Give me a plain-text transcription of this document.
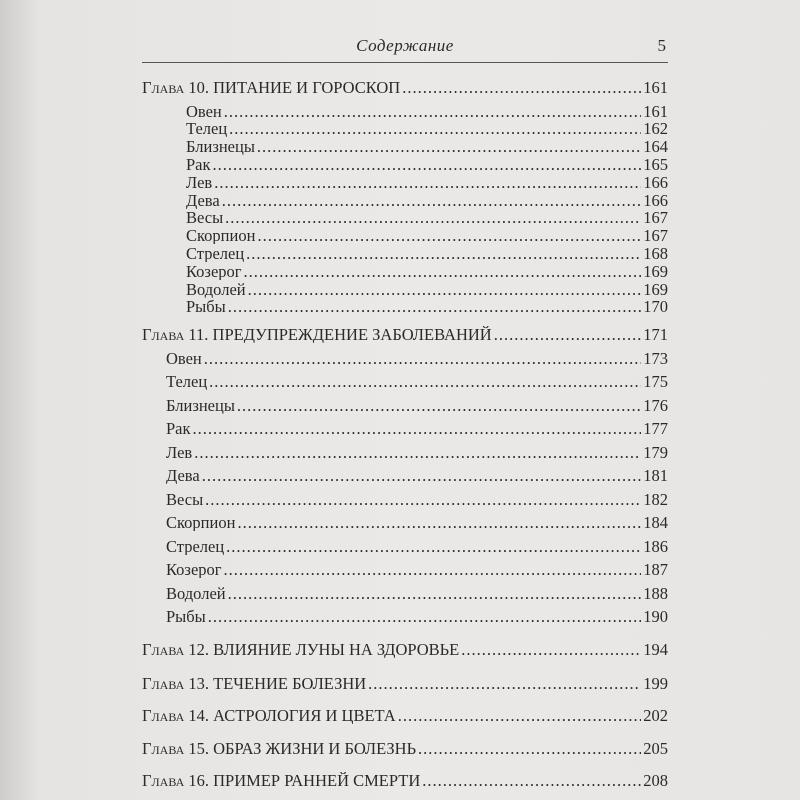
Содержание	5
Глава 10. ПИТАНИЕ И ГОРОСКОП .....	161
Овен .....	161
Телец .....	162
Близнецы .....	164
Рак .....	165
Лев .....	166
Дева .....	166
Весы .....	167
Скорпион .....	167
Стрелец .....	168
Козерог .....	169
Водолей .....	169
Рыбы .....	170
Глава 11. ПРЕДУПРЕЖДЕНИЕ ЗАБОЛЕВАНИЙ .....	171
Овен .....	173
Телец .....	175
Близнецы .....	176
Рак .....	177
Лев .....	179
Дева .....	181
Весы .....	182
Скорпион .....	184
Стрелец .....	186
Козерог .....	187
Водолей .....	188
Рыбы .....	190
Глава 12. ВЛИЯНИЕ ЛУНЫ НА ЗДОРОВЬЕ .....	194
Глава 13. ТЕЧЕНИЕ БОЛЕЗНИ .....	199
Глава 14. АСТРОЛОГИЯ И ЦВЕТА .....	202
Глава 15. ОБРАЗ ЖИЗНИ И БОЛЕЗНЬ .....	205
Глава 16. ПРИМЕР РАННЕЙ СМЕРТИ .....	208
